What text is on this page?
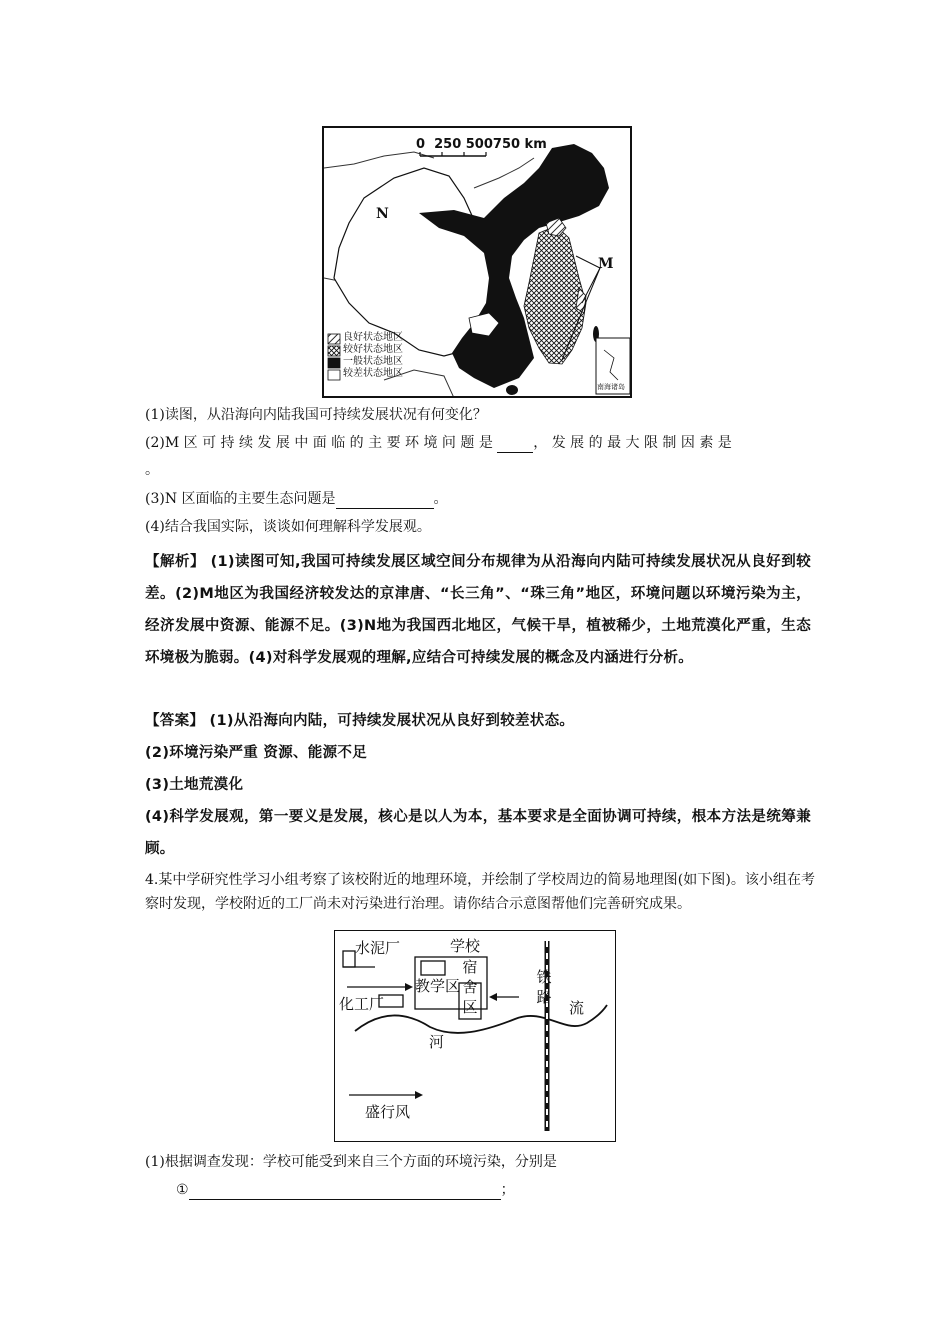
0  250 500750 km
N
M
南海诸岛
良好状态地区
较好状态地区
一般状态地区
较差状态地区
(1)读图，从沿海向内陆我国可持续发展状况有何变化？
(2)M 区 可 持 续 发 展 中 面 临 的 主 要 环 境 问 题 是	， 发 展 的 最 大 限 制 因 素 是
。
(3)N 区面临的主要生态问题是	。
(4)结合我国实际，谈谈如何理解科学发展观。
【解析】 (1)读图可知,我国可持续发展区域空间分布规律为从沿海向内陆可持续发展状况从良好到较差。(2)M地区为我国经济较发达的京津唐、“长三角”、“珠三角”地区，环境问题以环境污染为主，经济发展中资源、能源不足。(3)N地为我国西北地区，气候干旱，植被稀少，土地荒漠化严重，生态环境极为脆弱。(4)对科学发展观的理解,应结合可持续发展的概念及内涵进行分析。
【答案】 (1)从沿海向内陆，可持续发展状况从良好到较差状态。
(2)环境污染严重 资源、能源不足
(3)土地荒漠化
(4)科学发展观，第一要义是发展，核心是以人为本，基本要求是全面协调可持续，根本方法是统筹兼顾。
4.某中学研究性学习小组考察了该校附近的地理环境，并绘制了学校周边的简易地理图(如下图)。该小组在考察时发现，学校附近的工厂尚未对污染进行治理。请你结合示意图帮他们完善研究成果。
水泥厂
化工厂
学校
教学区
宿舍区
铁路
河
流
盛行风
(1)根据调查发现：学校可能受到来自三个方面的环境污染，分别是
①	；
